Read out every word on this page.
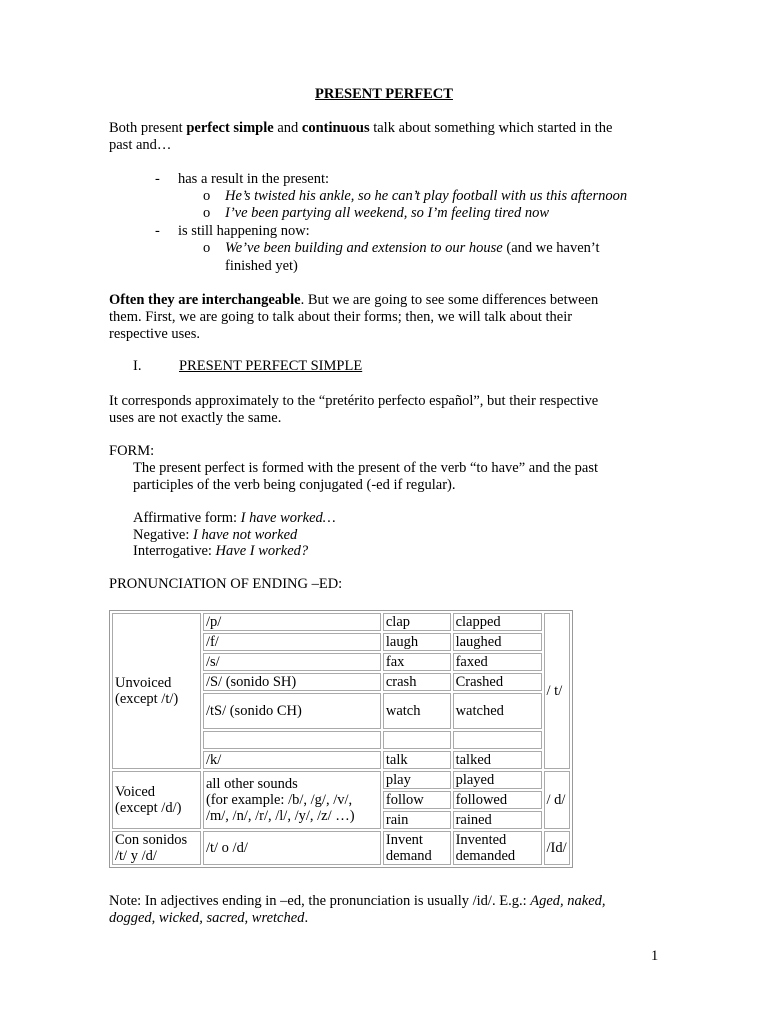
PRESENT PERFECT
Both present perfect simple and continuous talk about something which started in the
past and…
- has a result in the present:
o He’s twisted his ankle, so he can’t play football with us this afternoon
o I’ve been partying all weekend, so I’m feeling tired now
- is still happening now:
o We’ve been building and extension to our house (and we haven’t
finished yet)
Often they are interchangeable. But we are going to see some differences between
them. First, we are going to talk about their forms; then, we will talk about their
respective uses.
I.	PRESENT PERFECT SIMPLE
It corresponds approximately to the “pretérito perfecto español”, but their respective
uses are not exactly the same.
FORM:
The present perfect is formed with the present of the verb “to have” and the past
participles of the verb being conjugated (-ed if regular).
Affirmative form: I have worked…
Negative: I have not worked
Interrogative: Have I worked?
PRONUNCIATION OF ENDING –ED:
Unvoiced
(except /t/)	/p/	clap	clapped	/ t/
	/f/	laugh	laughed	
	/s/	fax	faxed	
	/S/ (sonido SH)	crash	Crashed	
	/tS/ (sonido CH)	watch	watched	

	/k/	talk	talked	
Voiced
(except /d/)	all other sounds
(for example: /b/, /g/, /v/,
/m/, /n/, /r/, /l/, /y/, /z/ …)	play	played	/ d/
		follow	followed	
		rain	rained	
Con sonidos
/t/ y /d/	/t/ o /d/	Invent
demand	Invented
demanded	/Id/
Note: In adjectives ending in –ed, the pronunciation is usually /id/. E.g.: Aged, naked,
dogged, wicked, sacred, wretched.
1
